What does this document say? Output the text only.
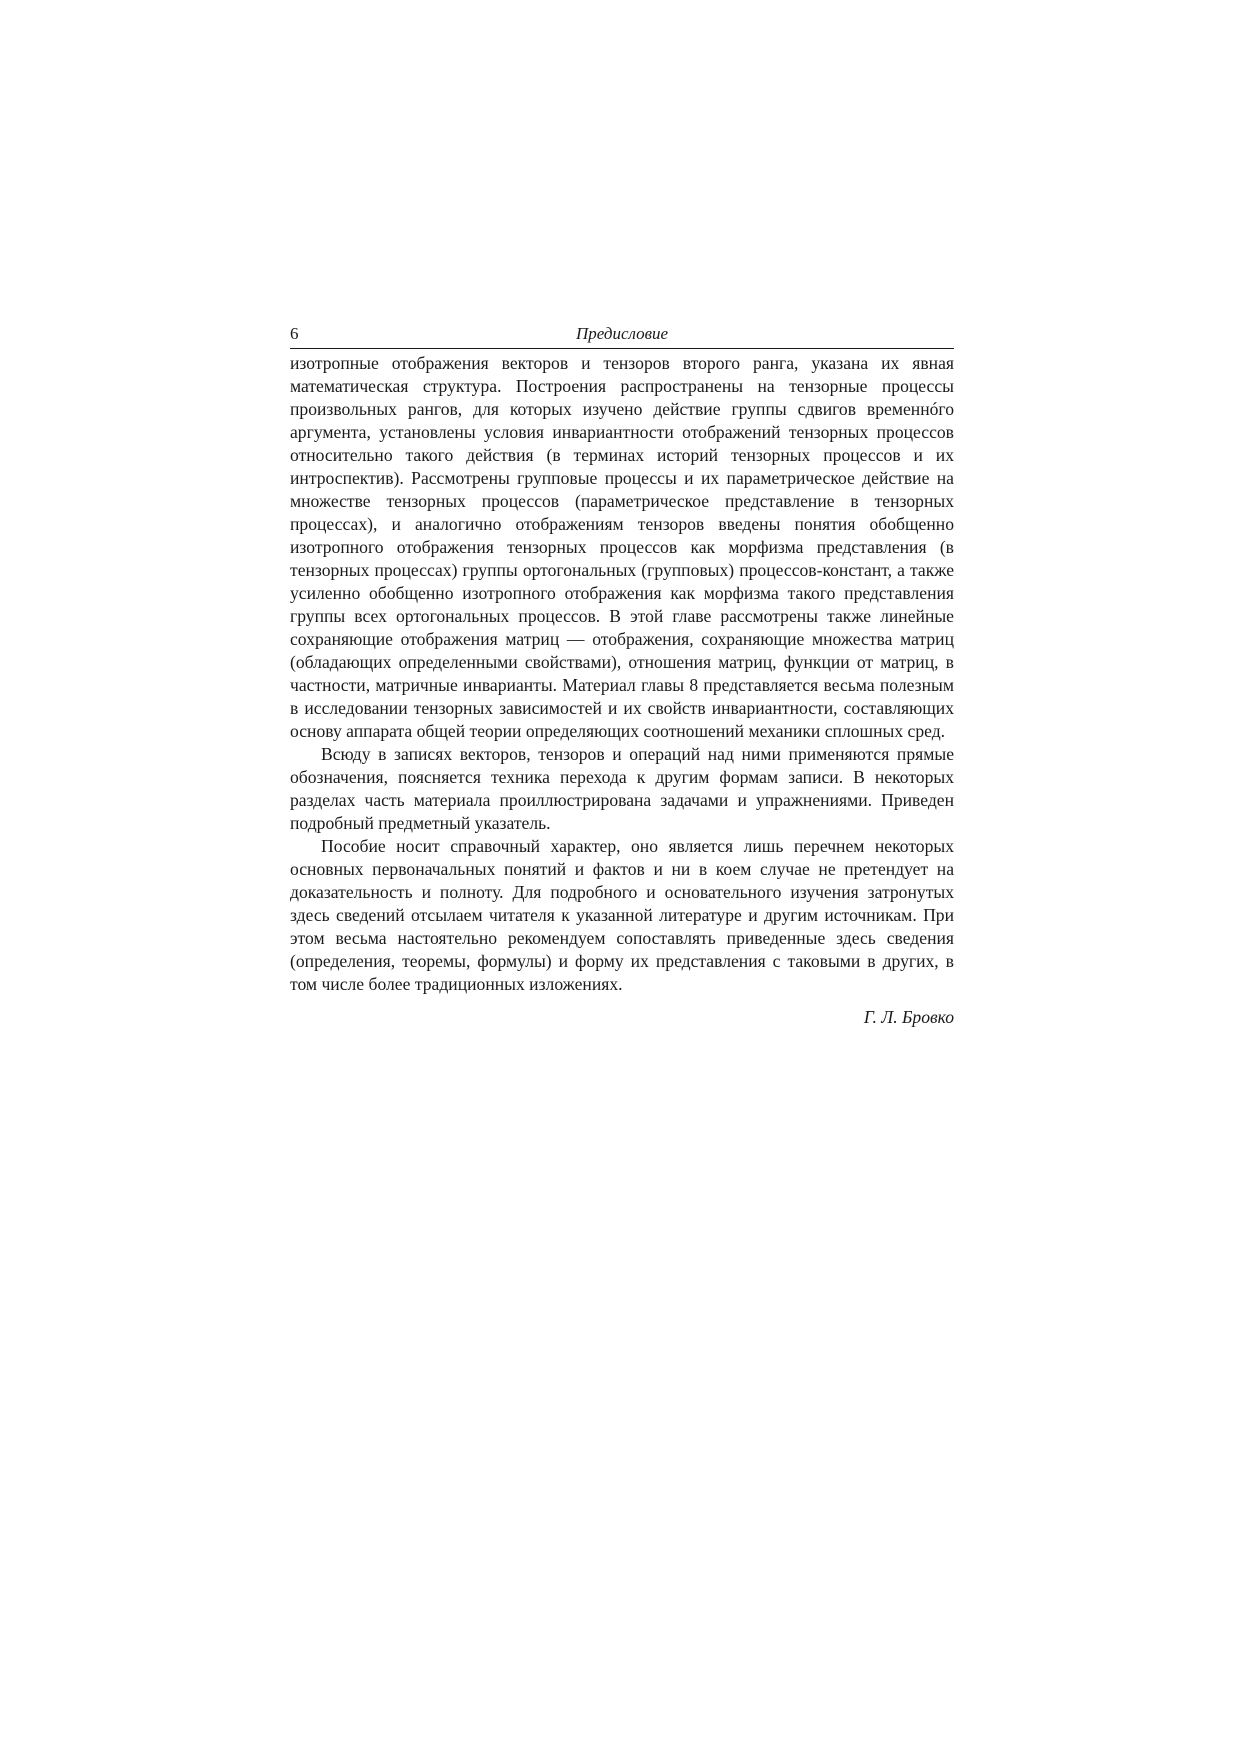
6	Предисловие

изотропные отображения векторов и тензоров второго ранга, указана их явная математическая структура. Построения распространены на тензорные процессы произвольных рангов, для которых изучено действие группы сдвигов временнóго аргумента, установлены условия инвариантности отображений тензорных процессов относительно такого действия (в терминах историй тензорных процессов и их интроспектив). Рассмотрены групповые процессы и их параметрическое действие на множестве тензорных процессов (параметрическое представление в тензорных процессах), и аналогично отображениям тензоров введены понятия обобщенно изотропного отображения тензорных процессов как морфизма представления (в тензорных процессах) группы ортогональных (групповых) процессов-констант, а также усиленно обобщенно изотропного отображения как морфизма такого представления группы всех ортогональных процессов. В этой главе рассмотрены также линейные сохраняющие отображения матриц — отображения, сохраняющие множества матриц (обладающих определенными свойствами), отношения матриц, функции от матриц, в частности, матричные инварианты. Материал главы 8 представляется весьма полезным в исследовании тензорных зависимостей и их свойств инвариантности, составляющих основу аппарата общей теории определяющих соотношений механики сплошных сред.

Всюду в записях векторов, тензоров и операций над ними применяются прямые обозначения, поясняется техника перехода к другим формам записи. В некоторых разделах часть материала проиллюстрирована задачами и упражнениями. Приведен подробный предметный указатель.

Пособие носит справочный характер, оно является лишь перечнем некоторых основных первоначальных понятий и фактов и ни в коем случае не претендует на доказательность и полноту. Для подробного и основательного изучения затронутых здесь сведений отсылаем читателя к указанной литературе и другим источникам. При этом весьма настоятельно рекомендуем сопоставлять приведенные здесь сведения (определения, теоремы, формулы) и форму их представления с таковыми в других, в том числе более традиционных изложениях.

Г. Л. Бровко
